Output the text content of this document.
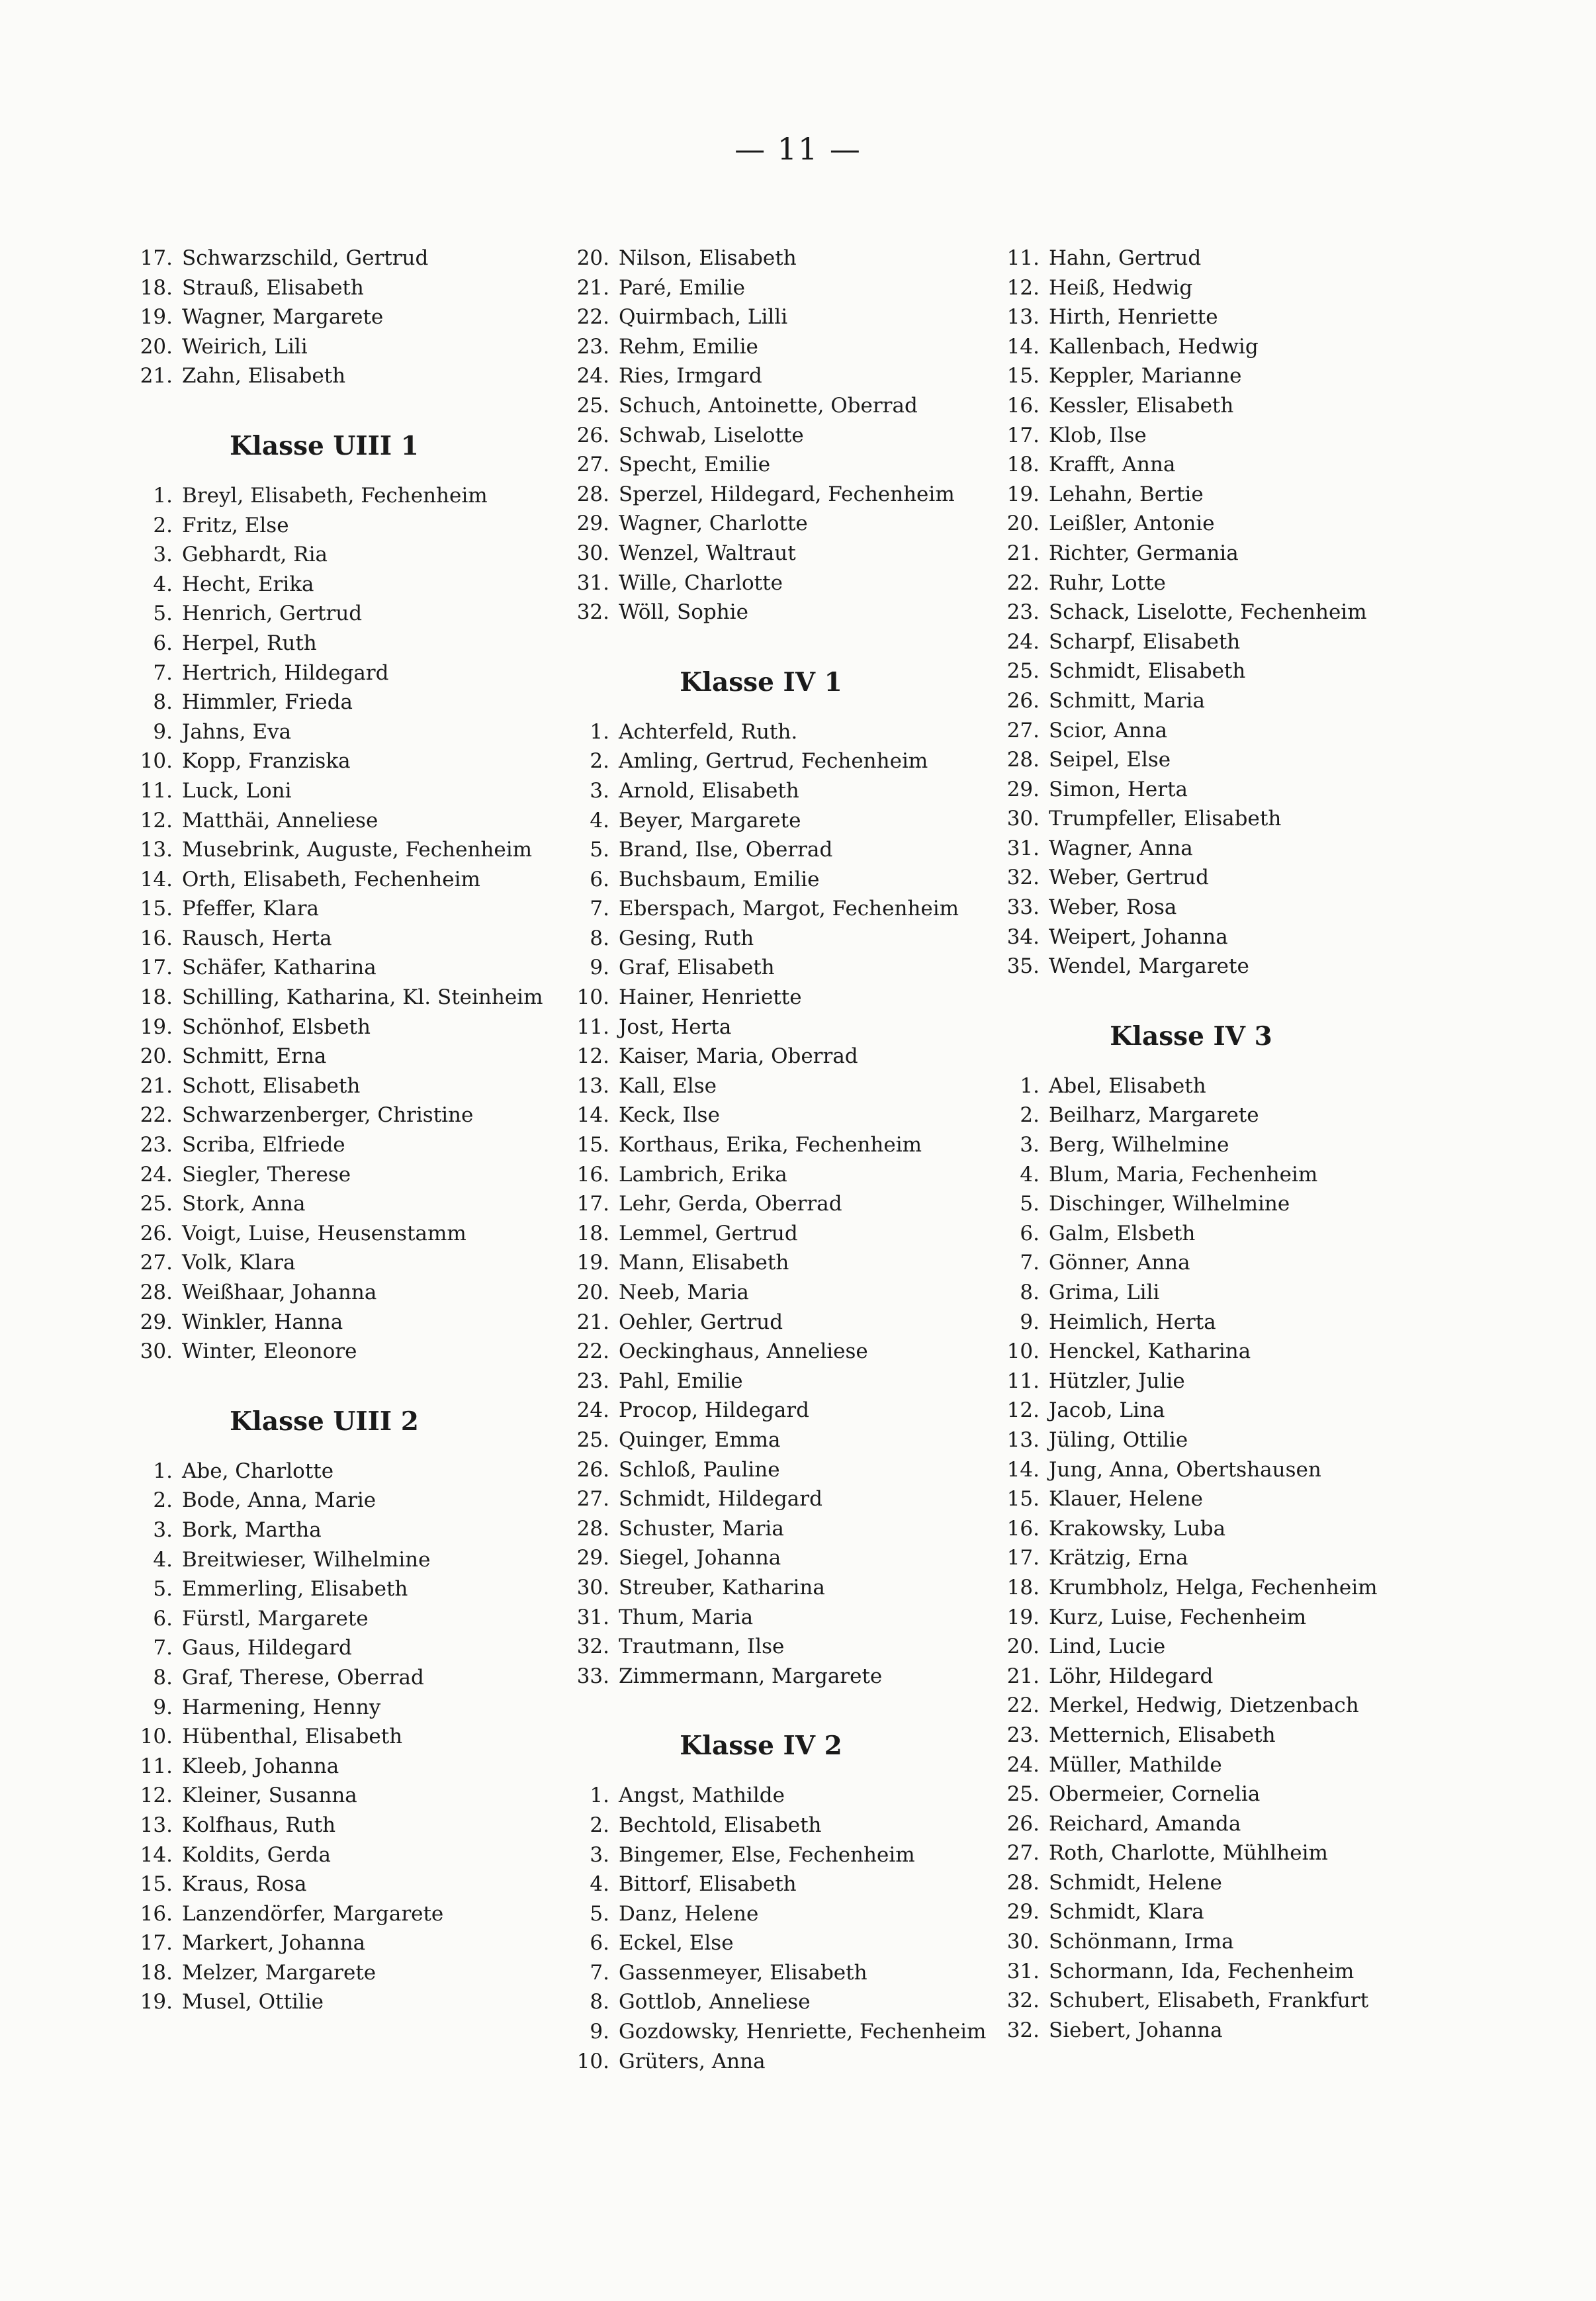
— 11 —
17. Schwarzschild, Gertrud
18. Strauß, Elisabeth
19. Wagner, Margarete
20. Weirich, Lili
21. Zahn, Elisabeth
Klasse UIII 1
1. Breyl, Elisabeth, Fechenheim
2. Fritz, Else
3. Gebhardt, Ria
4. Hecht, Erika
5. Henrich, Gertrud
6. Herpel, Ruth
7. Hertrich, Hildegard
8. Himmler, Frieda
9. Jahns, Eva
10. Kopp, Franziska
11. Luck, Loni
12. Matthäi, Anneliese
13. Musebrink, Auguste, Fechenheim
14. Orth, Elisabeth, Fechenheim
15. Pfeffer, Klara
16. Rausch, Herta
17. Schäfer, Katharina
18. Schilling, Katharina, Kl. Steinheim
19. Schönhof, Elsbeth
20. Schmitt, Erna
21. Schott, Elisabeth
22. Schwarzenberger, Christine
23. Scriba, Elfriede
24. Siegler, Therese
25. Stork, Anna
26. Voigt, Luise, Heusenstamm
27. Volk, Klara
28. Weißhaar, Johanna
29. Winkler, Hanna
30. Winter, Eleonore
Klasse UIII 2
1. Abe, Charlotte
2. Bode, Anna, Marie
3. Bork, Martha
4. Breitwieser, Wilhelmine
5. Emmerling, Elisabeth
6. Fürstl, Margarete
7. Gaus, Hildegard
8. Graf, Therese, Oberrad
9. Harmening, Henny
10. Hübenthal, Elisabeth
11. Kleeb, Johanna
12. Kleiner, Susanna
13. Kolfhaus, Ruth
14. Koldits, Gerda
15. Kraus, Rosa
16. Lanzendörfer, Margarete
17. Markert, Johanna
18. Melzer, Margarete
19. Musel, Ottilie
20. Nilson, Elisabeth
21. Paré, Emilie
22. Quirmbach, Lilli
23. Rehm, Emilie
24. Ries, Irmgard
25. Schuch, Antoinette, Oberrad
26. Schwab, Liselotte
27. Specht, Emilie
28. Sperzel, Hildegard, Fechenheim
29. Wagner, Charlotte
30. Wenzel, Waltraut
31. Wille, Charlotte
32. Wöll, Sophie
Klasse IV 1
1. Achterfeld, Ruth.
2. Amling, Gertrud, Fechenheim
3. Arnold, Elisabeth
4. Beyer, Margarete
5. Brand, Ilse, Oberrad
6. Buchsbaum, Emilie
7. Eberspach, Margot, Fechenheim
8. Gesing, Ruth
9. Graf, Elisabeth
10. Hainer, Henriette
11. Jost, Herta
12. Kaiser, Maria, Oberrad
13. Kall, Else
14. Keck, Ilse
15. Korthaus, Erika, Fechenheim
16. Lambrich, Erika
17. Lehr, Gerda, Oberrad
18. Lemmel, Gertrud
19. Mann, Elisabeth
20. Neeb, Maria
21. Oehler, Gertrud
22. Oeckinghaus, Anneliese
23. Pahl, Emilie
24. Procop, Hildegard
25. Quinger, Emma
26. Schloß, Pauline
27. Schmidt, Hildegard
28. Schuster, Maria
29. Siegel, Johanna
30. Streuber, Katharina
31. Thum, Maria
32. Trautmann, Ilse
33. Zimmermann, Margarete
Klasse IV 2
1. Angst, Mathilde
2. Bechtold, Elisabeth
3. Bingemer, Else, Fechenheim
4. Bittorf, Elisabeth
5. Danz, Helene
6. Eckel, Else
7. Gassenmeyer, Elisabeth
8. Gottlob, Anneliese
9. Gozdowsky, Henriette, Fechenheim
10. Grüters, Anna
11. Hahn, Gertrud
12. Heiß, Hedwig
13. Hirth, Henriette
14. Kallenbach, Hedwig
15. Keppler, Marianne
16. Kessler, Elisabeth
17. Klob, Ilse
18. Krafft, Anna
19. Lehahn, Bertie
20. Leißler, Antonie
21. Richter, Germania
22. Ruhr, Lotte
23. Schack, Liselotte, Fechenheim
24. Scharpf, Elisabeth
25. Schmidt, Elisabeth
26. Schmitt, Maria
27. Scior, Anna
28. Seipel, Else
29. Simon, Herta
30. Trumpfeller, Elisabeth
31. Wagner, Anna
32. Weber, Gertrud
33. Weber, Rosa
34. Weipert, Johanna
35. Wendel, Margarete
Klasse IV 3
1. Abel, Elisabeth
2. Beilharz, Margarete
3. Berg, Wilhelmine
4. Blum, Maria, Fechenheim
5. Dischinger, Wilhelmine
6. Galm, Elsbeth
7. Gönner, Anna
8. Grima, Lili
9. Heimlich, Herta
10. Henckel, Katharina
11. Hützler, Julie
12. Jacob, Lina
13. Jüling, Ottilie
14. Jung, Anna, Obertshausen
15. Klauer, Helene
16. Krakowsky, Luba
17. Krätzig, Erna
18. Krumbholz, Helga, Fechenheim
19. Kurz, Luise, Fechenheim
20. Lind, Lucie
21. Löhr, Hildegard
22. Merkel, Hedwig, Dietzenbach
23. Metternich, Elisabeth
24. Müller, Mathilde
25. Obermeier, Cornelia
26. Reichard, Amanda
27. Roth, Charlotte, Mühlheim
28. Schmidt, Helene
29. Schmidt, Klara
30. Schönmann, Irma
31. Schormann, Ida, Fechenheim
32. Schubert, Elisabeth, Frankfurt
32. Siebert, Johanna
